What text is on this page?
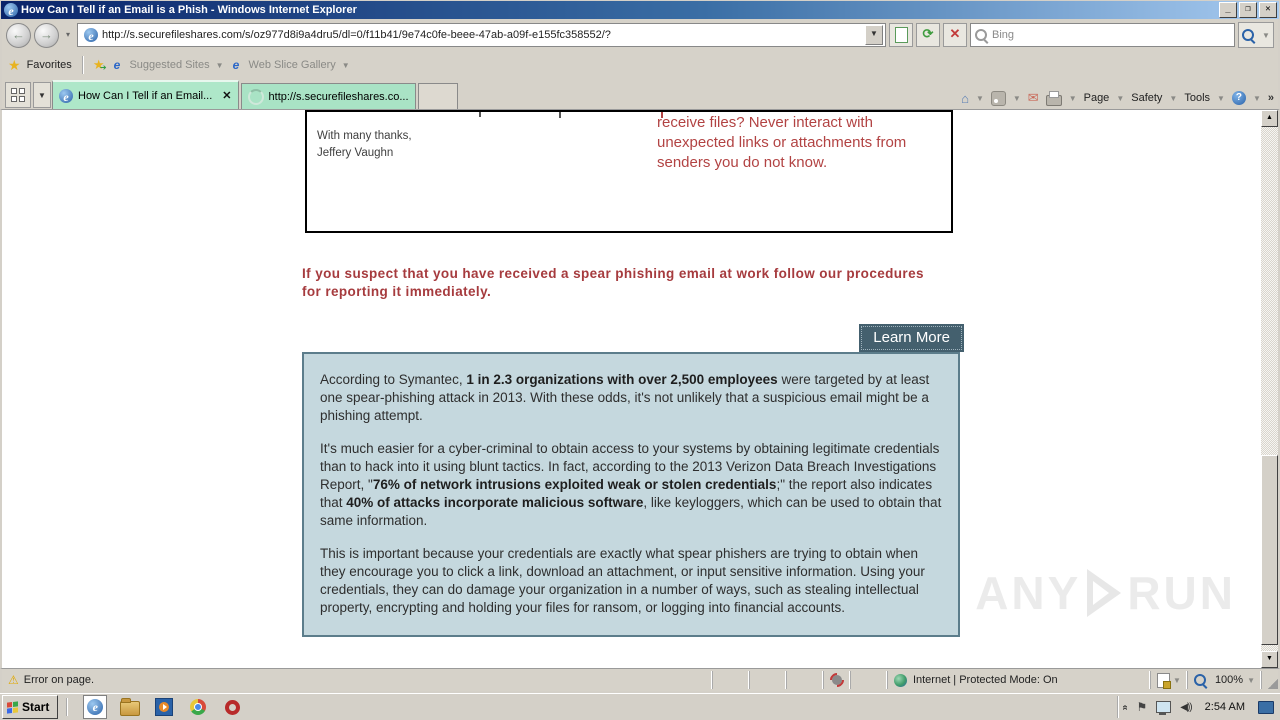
e How Can I Tell if an Email is a Phish - Windows Internet Explorer	_	❐	✕
←	→	▾	e http://s.securefileshares.com/s/oz977d8i9a4dru5/dl=0/f11b41/9e74c0fe-beee-47ab-a09f-e155fc358552/?	▼	⟳	✕	Bing	▼
★ Favorites ★ ➔ e Suggested Sites ▼ e Web Slice Gallery ▼
▼	e How Can I Tell if an Email... ✕	http://s.securefileshares.co...	⌂ ▼	▼ ✉	▼ Page ▼ Safety ▼ Tools ▼	?	▼ »
With many thanks,
Jeffery Vaughn
receive files? Never interact with unexpected links or attachments from senders you do not know.

If you suspect that you have received a spear phishing email at work follow our procedures for reporting it immediately.

Learn More

According to Symantec, 1 in 2.3 organizations with over 2,500 employees were targeted by at least one spear-phishing attack in 2013. With these odds, it's not unlikely that a suspicious email might be a phishing attempt.

It's much easier for a cyber-criminal to obtain access to your systems by obtaining legitimate credentials than to hack into it using blunt tactics. In fact, according to the 2013 Verizon Data Breach Investigations Report, "76% of network intrusions exploited weak or stolen credentials;" the report also indicates that 40% of attacks incorporate malicious software, like keyloggers, which can be used to obtain that same information.

This is important because your credentials are exactly what spear phishers are trying to obtain when they encourage you to click a link, download an attachment, or input sensitive information. Using your credentials, they can do damage your organization in a number of ways, such as stealing intellectual property, encrypting and holding your files for ransom, or logging into financial accounts.	ANY RUN
▲
▼
⚠ Error on page.	Internet | Protected Mode: On
	▼	100% ▼
Start	e	« ⚑	◀))	2:54 AM
